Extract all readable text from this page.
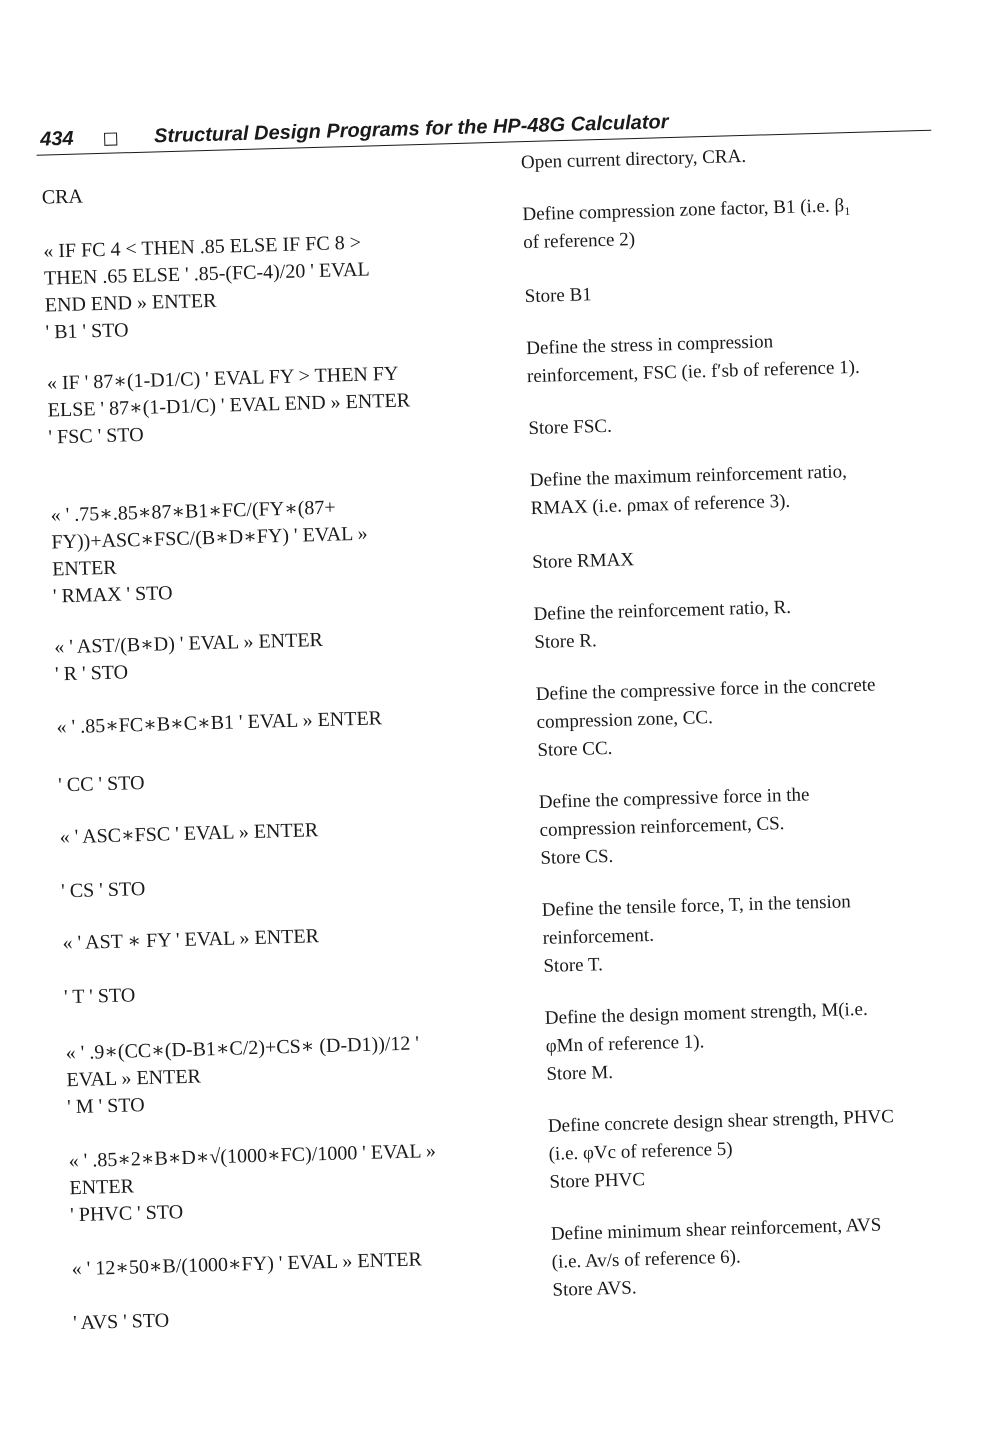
434	Structural Design Programs for the HP-48G Calculator
CRA
« IF FC 4 < THEN .85 ELSE IF FC 8 >
THEN .65 ELSE ' .85-(FC-4)/20 ' EVAL
END END » ENTER
' B1 ' STO
« IF ' 87∗(1-D1/C) ' EVAL FY > THEN FY
ELSE ' 87∗(1-D1/C) ' EVAL END » ENTER
' FSC ' STO
« ' .75∗.85∗87∗B1∗FC/(FY∗(87+
FY))+ASC∗FSC/(B∗D∗FY) ' EVAL »
ENTER
' RMAX ' STO
« ' AST/(B∗D) ' EVAL » ENTER
' R ' STO
« ' .85∗FC∗B∗C∗B1 ' EVAL » ENTER
' CC ' STO
« ' ASC∗FSC ' EVAL » ENTER
' CS ' STO
« ' AST ∗ FY ' EVAL » ENTER
' T ' STO
« ' .9∗(CC∗(D-B1∗C/2)+CS∗ (D-D1))/12 '
EVAL » ENTER
' M ' STO
« ' .85∗2∗B∗D∗√(1000∗FC)/1000 ' EVAL »
ENTER
' PHVC ' STO
« ' 12∗50∗B/(1000∗FY) ' EVAL » ENTER
' AVS ' STO
Open current directory, CRA.
Define compression zone factor, B1 (i.e. β₁
of reference 2)
Store B1
Define the stress in compression
reinforcement, FSC (ie. f′sb of reference 1).
Store FSC.
Define the maximum reinforcement ratio,
RMAX (i.e. ρmax of reference 3).
Store RMAX
Define the reinforcement ratio, R.
Store R.
Define the compressive force in the concrete
compression zone, CC.
Store CC.
Define the compressive force in the
compression reinforcement, CS.
Store CS.
Define the tensile force, T, in the tension
reinforcement.
Store T.
Define the design moment strength, M(i.e.
φMn of reference 1).
Store M.
Define concrete design shear strength, PHVC
(i.e. φVc of reference 5)
Store PHVC
Define minimum shear reinforcement, AVS
(i.e. Av/s of reference 6).
Store AVS.
